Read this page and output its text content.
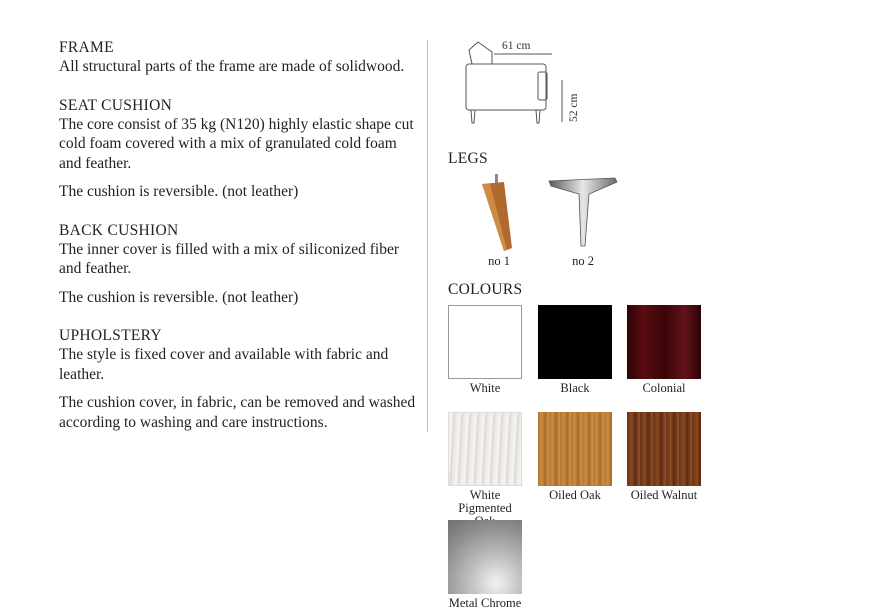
FRAME

All structural parts of the frame are made of solidwood.

SEAT CUSHION

The core consist of 35 kg (N120) highly elastic shape cut cold foam covered with a mix of granulated cold foam and feather.

The cushion is reversible. (not leather)

BACK CUSHION

The inner cover is filled with a mix of siliconized fiber and feather.

The cushion is reversible. (not leather)

UPHOLSTERY

The style is fixed cover and available with fabric and leather.

The cushion cover, in fabric, can be removed and washed according to washing and care instructions.

61 cm
52 cm
LEGS
no 1	no 2
COLOURS
White	Black	Colonial
White Pigmented
Oiled Oak	Oiled Walnut
Metal Chrome
